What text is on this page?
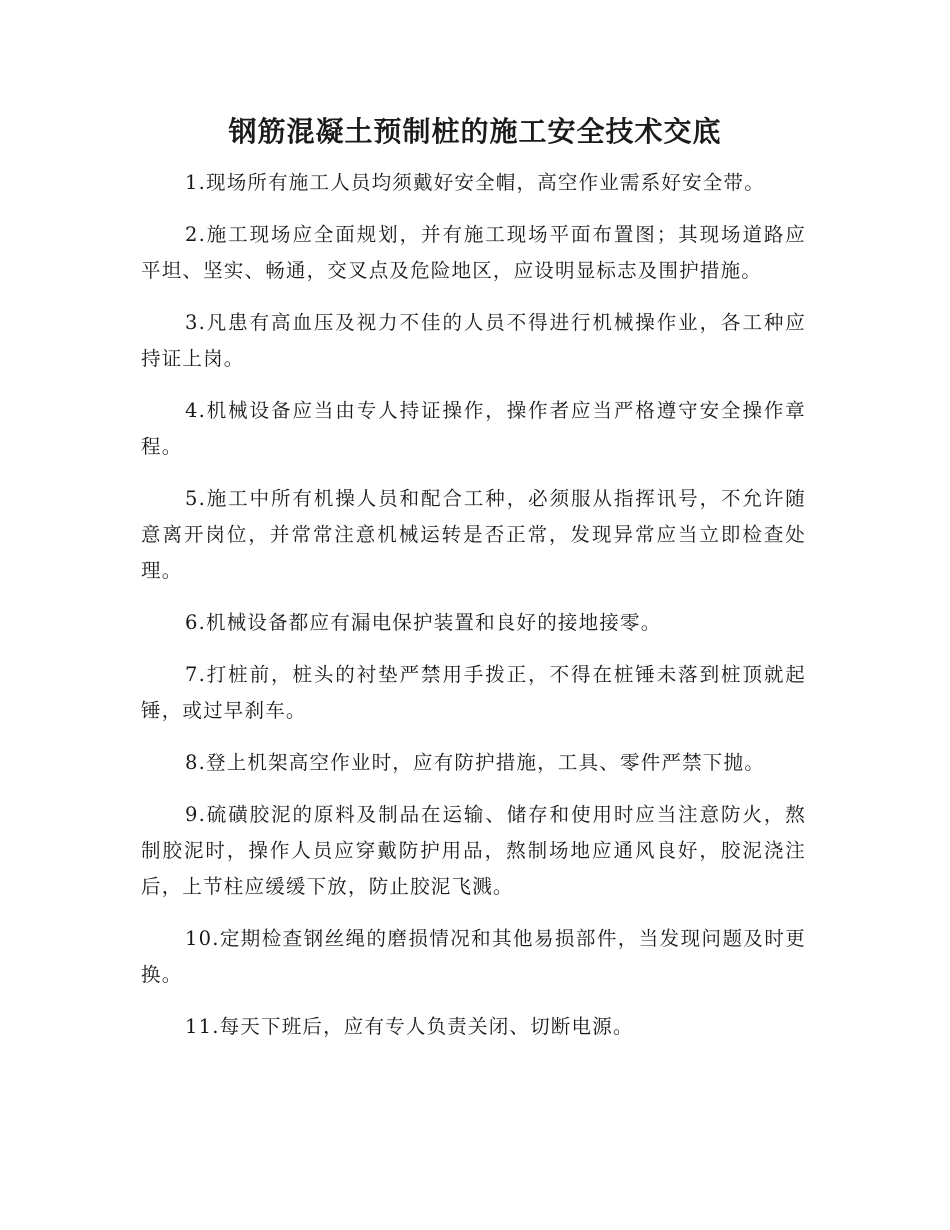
钢筋混凝土预制桩的施工安全技术交底

1.现场所有施工人员均须戴好安全帽，高空作业需系好安全带。

2.施工现场应全面规划，并有施工现场平面布置图；其现场道路应平坦、坚实、畅通，交叉点及危险地区，应设明显标志及围护措施。

3.凡患有高血压及视力不佳的人员不得进行机械操作业，各工种应持证上岗。

4.机械设备应当由专人持证操作，操作者应当严格遵守安全操作章程。

5.施工中所有机操人员和配合工种，必须服从指挥讯号，不允许随意离开岗位，并常常注意机械运转是否正常，发现异常应当立即检查处理。

6.机械设备都应有漏电保护装置和良好的接地接零。

7.打桩前，桩头的衬垫严禁用手拨正，不得在桩锤未落到桩顶就起锤，或过早刹车。

8.登上机架高空作业时，应有防护措施，工具、零件严禁下抛。

9.硫磺胶泥的原料及制品在运输、储存和使用时应当注意防火，熬制胶泥时，操作人员应穿戴防护用品，熬制场地应通风良好，胶泥浇注后，上节柱应缓缓下放，防止胶泥飞溅。

10.定期检查钢丝绳的磨损情况和其他易损部件，当发现问题及时更换。

11.每天下班后，应有专人负责关闭、切断电源。
